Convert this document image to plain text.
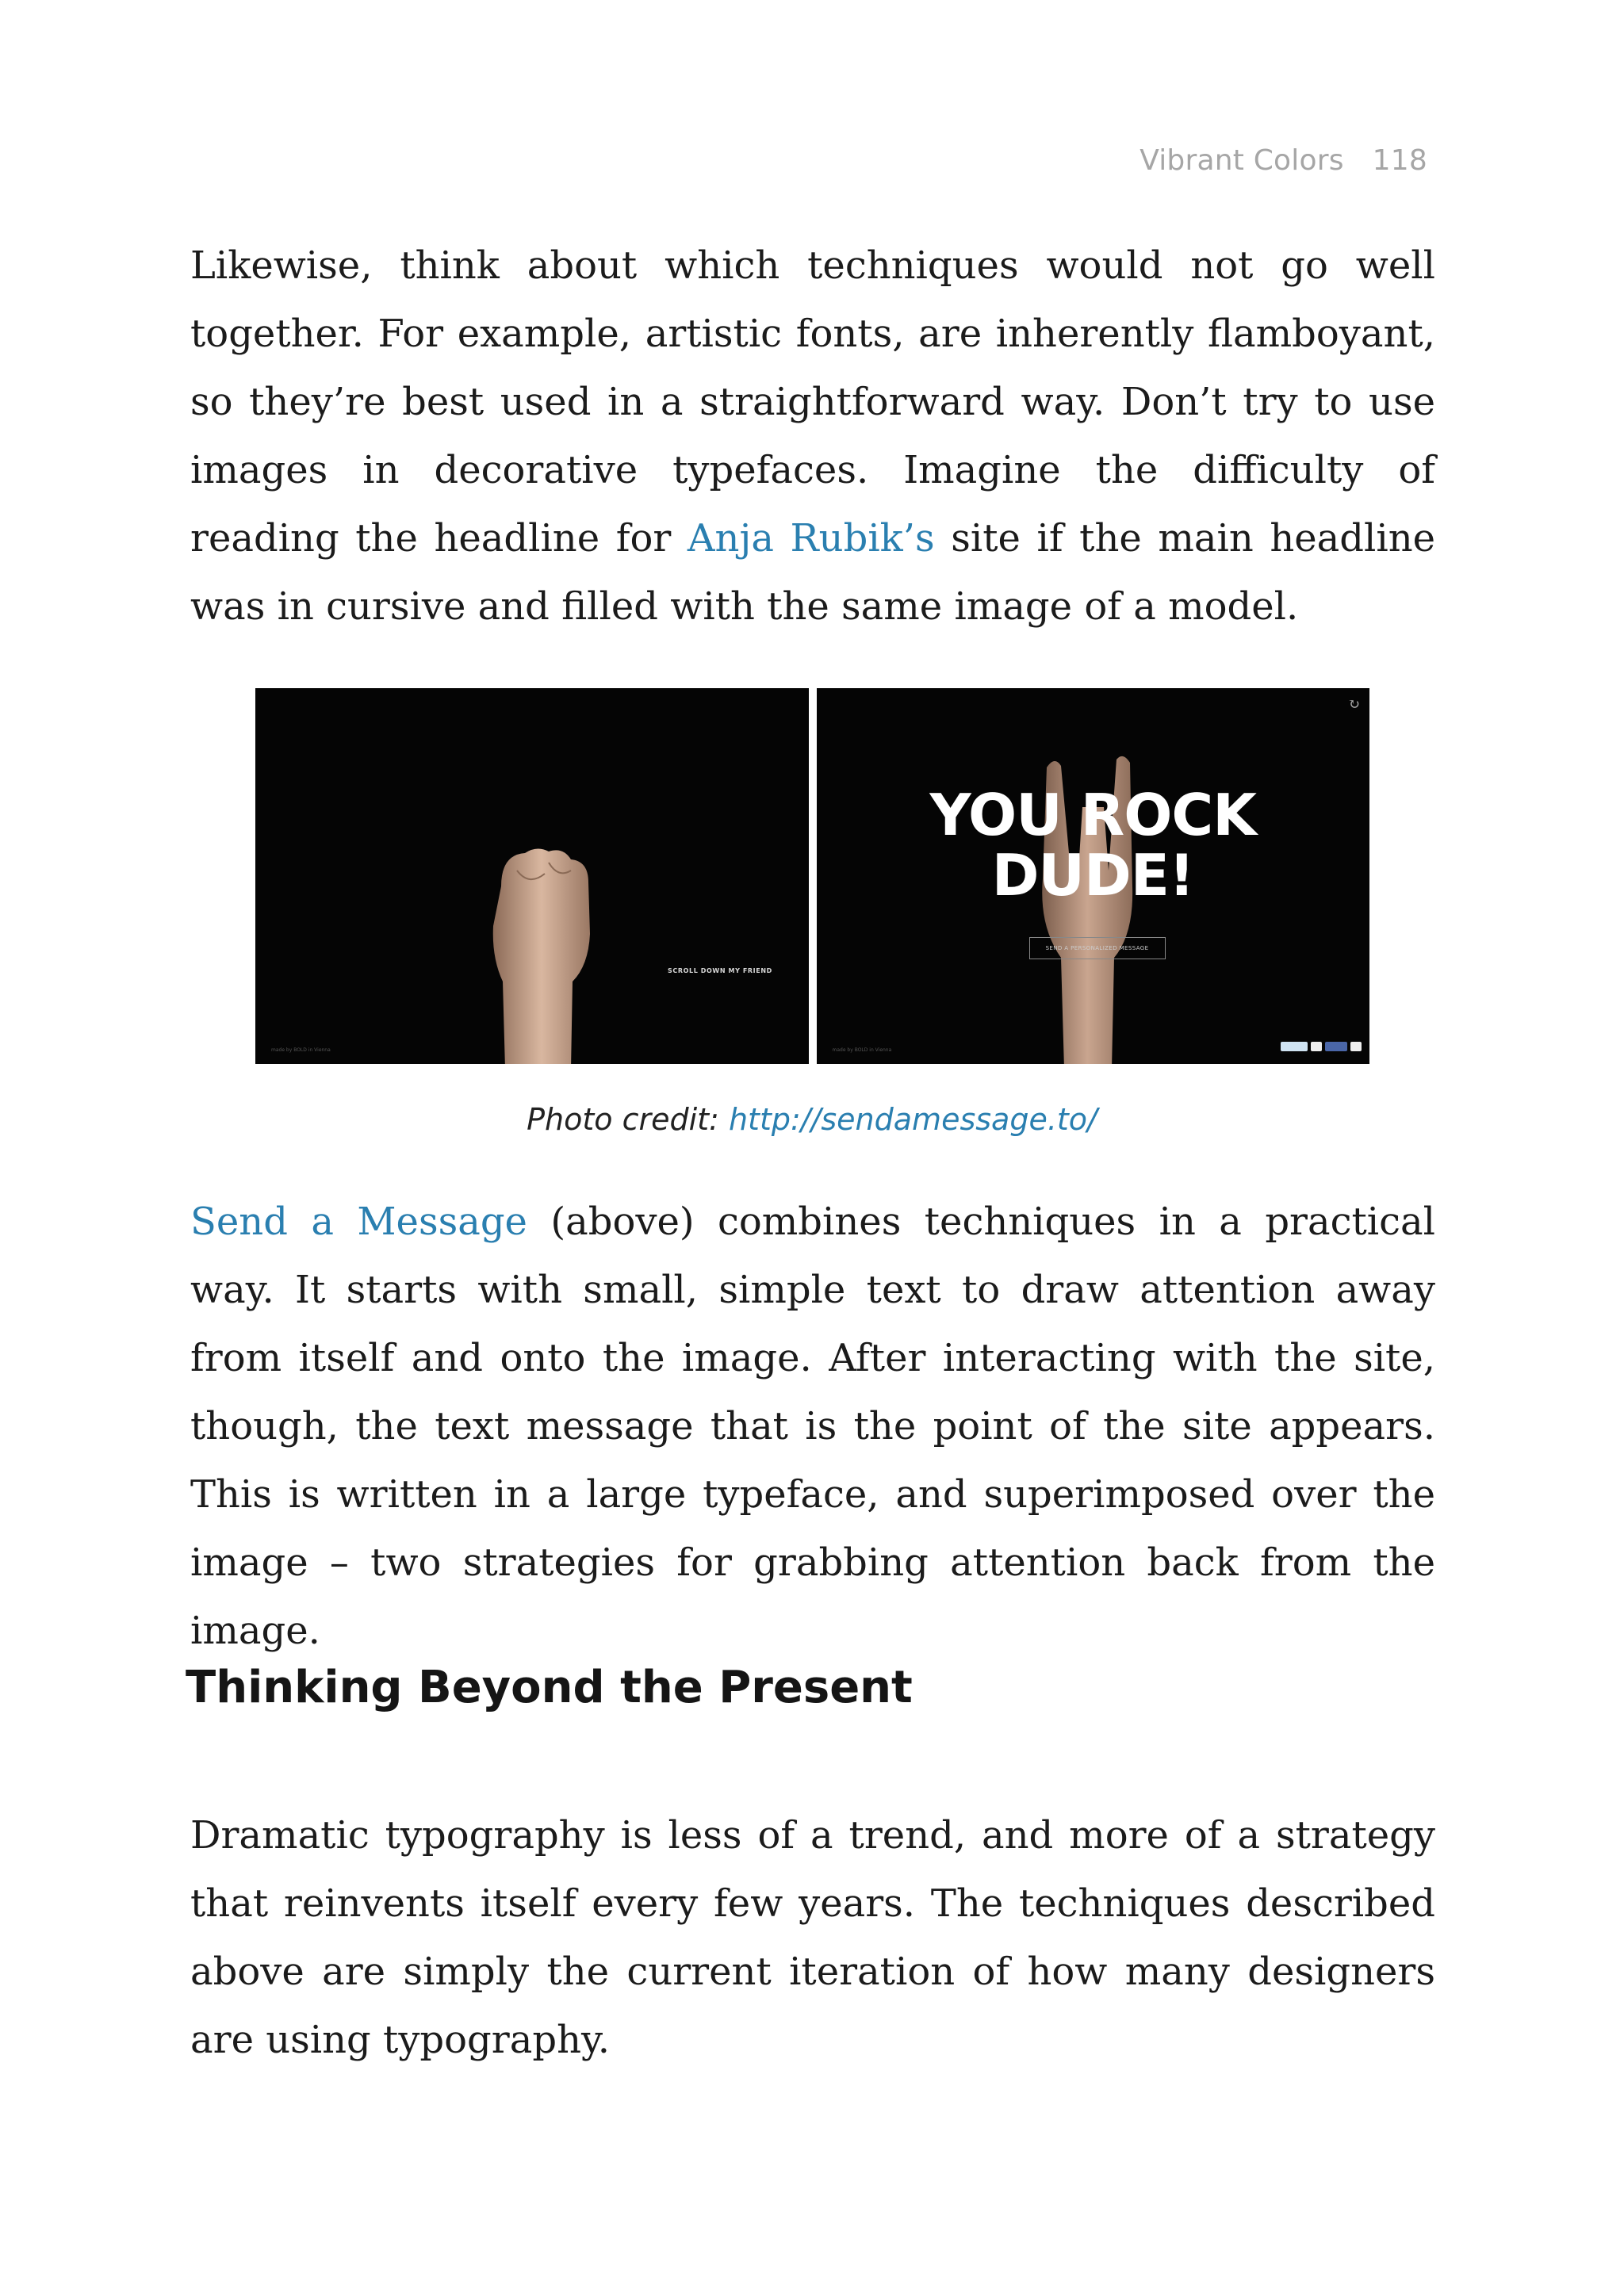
Vibrant Colors 118

Likewise, think about which techniques would not go well together. For example, artistic fonts, are inherently flamboyant, so they’re best used in a straightforward way. Don’t try to use images in decorative typefaces. Imagine the difficulty of reading the headline for Anja Rubik’s site if the main headline was in cursive and filled with the same image of a model.

SCROLL DOWN MY FRIEND
made by BOLD in Vienna
YOU ROCK
DUDE!
SEND A PERSONALIZED MESSAGE
↻
made by BOLD in Vienna
Photo credit: http://sendamessage.to/

Send a Message (above) combines techniques in a practical way. It starts with small, simple text to draw attention away from itself and onto the image. After interacting with the site, though, the text message that is the point of the site appears. This is written in a large typeface, and superimposed over the image – two strategies for grabbing attention back from the image.

Thinking Beyond the Present

Dramatic typography is less of a trend, and more of a strategy that reinvents itself every few years. The techniques described above are simply the current iteration of how many designers are using typography.
